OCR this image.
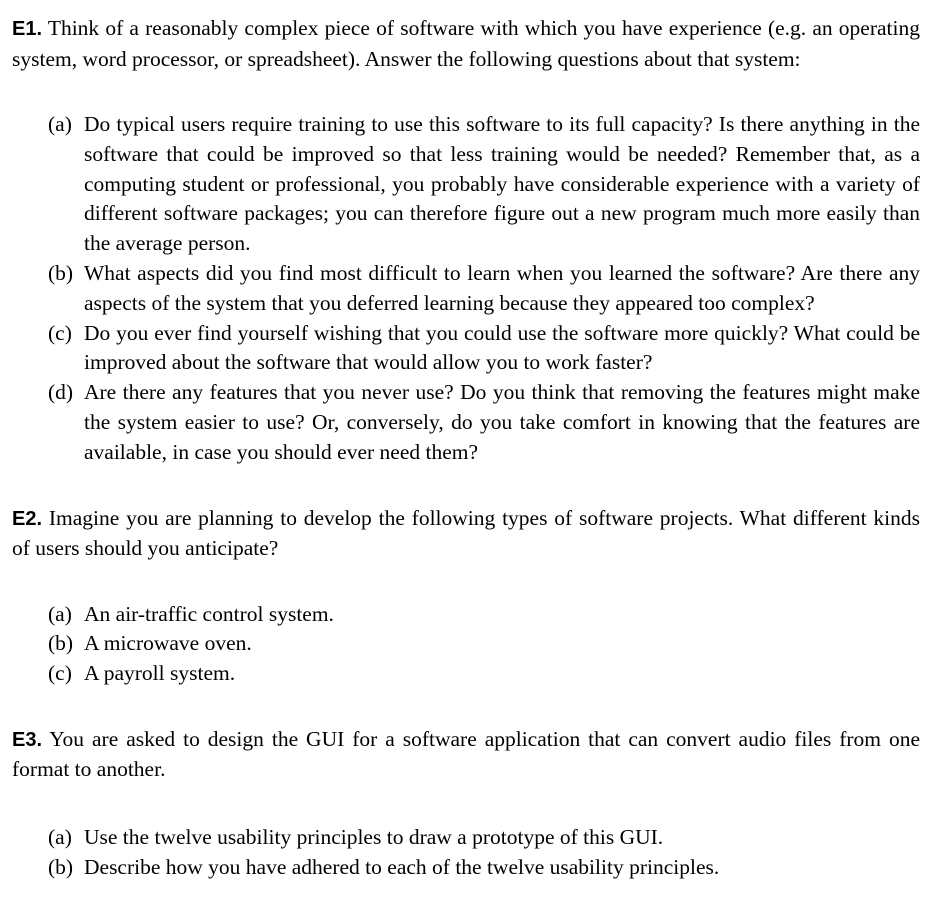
E1. Think of a reasonably complex piece of software with which you have experience (e.g. an operating system, word processor, or spreadsheet). Answer the following questions about that system:

(a) Do typical users require training to use this software to its full capacity? Is there anything in the software that could be improved so that less training would be needed? Remember that, as a computing student or professional, you probably have considerable experience with a variety of different software packages; you can therefore figure out a new program much more easily than the average person.
(b) What aspects did you find most difficult to learn when you learned the software? Are there any aspects of the system that you deferred learning because they appeared too complex?
(c) Do you ever find yourself wishing that you could use the software more quickly? What could be improved about the software that would allow you to work faster?
(d) Are there any features that you never use? Do you think that removing the features might make the system easier to use? Or, conversely, do you take comfort in knowing that the features are available, in case you should ever need them?

E2. Imagine you are planning to develop the following types of software projects. What different kinds of users should you anticipate?

(a) An air-traffic control system.
(b) A microwave oven.
(c) A payroll system.

E3. You are asked to design the GUI for a software application that can convert audio files from one format to another.

(a) Use the twelve usability principles to draw a prototype of this GUI.
(b) Describe how you have adhered to each of the twelve usability principles.
